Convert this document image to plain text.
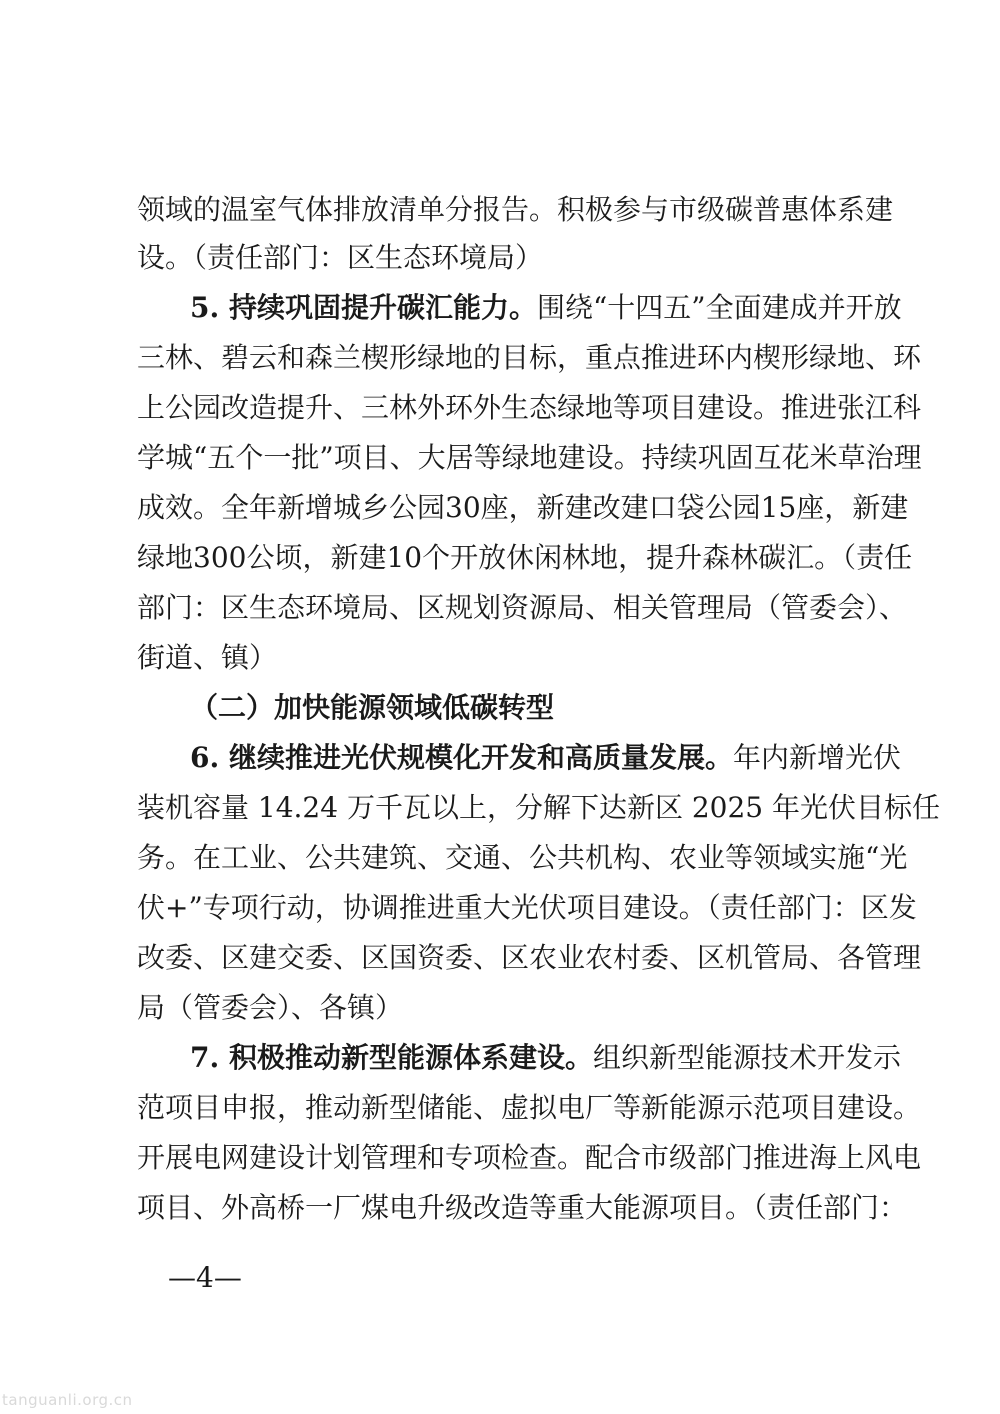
领域的温室气体排放清单分报告。积极参与市级碳普惠体系建
设。（责任部门：区生态环境局）
5. 持续巩固提升碳汇能力。围绕“十四五”全面建成并开放
三林、碧云和森兰楔形绿地的目标，重点推进环内楔形绿地、环
上公园改造提升、三林外环外生态绿地等项目建设。推进张江科
学城“五个一批”项目、大居等绿地建设。持续巩固互花米草治理
成效。全年新增城乡公园30座，新建改建口袋公园15座，新建
绿地300公顷，新建10个开放休闲林地，提升森林碳汇。（责任
部门：区生态环境局、区规划资源局、相关管理局（管委会）、
街道、镇）
（二）加快能源领域低碳转型
6. 继续推进光伏规模化开发和高质量发展。年内新增光伏
装机容量 14.24 万千瓦以上，分解下达新区 2025 年光伏目标任
务。在工业、公共建筑、交通、公共机构、农业等领域实施“光
伏+”专项行动，协调推进重大光伏项目建设。（责任部门：区发
改委、区建交委、区国资委、区农业农村委、区机管局、各管理
局（管委会）、各镇）
7. 积极推动新型能源体系建设。组织新型能源技术开发示
范项目申报，推动新型储能、虚拟电厂等新能源示范项目建设。
开展电网建设计划管理和专项检查。配合市级部门推进海上风电
项目、外高桥一厂煤电升级改造等重大能源项目。（责任部门：
—4—
tanguanli.org.cn
